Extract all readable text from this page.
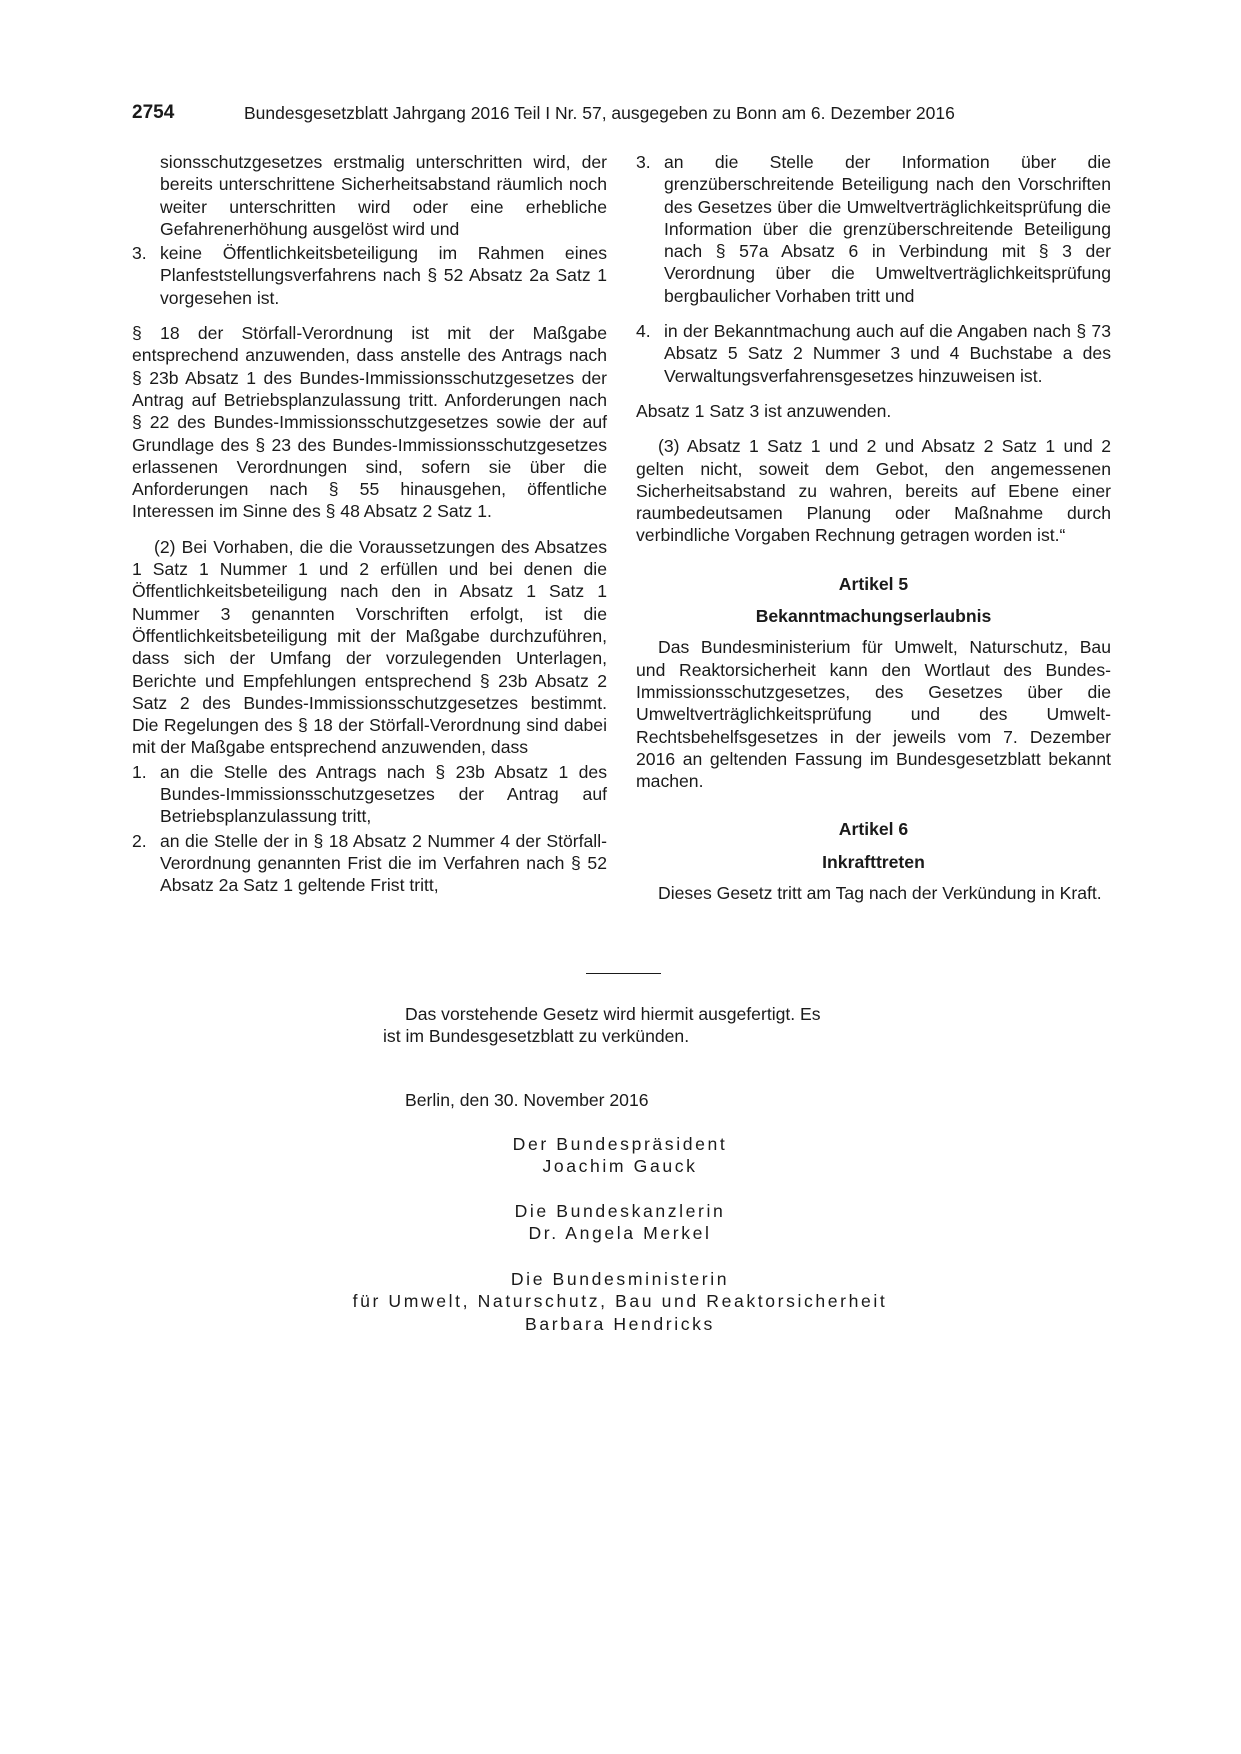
2754	Bundesgesetzblatt Jahrgang 2016 Teil I Nr. 57, ausgegeben zu Bonn am 6. Dezember 2016

sionsschutzgesetzes erstmalig unterschritten wird, der bereits unterschrittene Sicherheitsabstand räumlich noch weiter unterschritten wird oder eine erhebliche Gefahrenerhöhung ausgelöst wird und

3. keine Öffentlichkeitsbeteiligung im Rahmen eines Planfeststellungsverfahrens nach § 52 Absatz 2a Satz 1 vorgesehen ist.

§ 18 der Störfall-Verordnung ist mit der Maßgabe entsprechend anzuwenden, dass anstelle des Antrags nach § 23b Absatz 1 des Bundes-Immissionsschutzgesetzes der Antrag auf Betriebsplanzulassung tritt. Anforderungen nach § 22 des Bundes-Immissionsschutzgesetzes sowie der auf Grundlage des § 23 des Bundes-Immissionsschutzgesetzes erlassenen Verordnungen sind, sofern sie über die Anforderungen nach § 55 hinausgehen, öffentliche Interessen im Sinne des § 48 Absatz 2 Satz 1.

(2) Bei Vorhaben, die die Voraussetzungen des Absatzes 1 Satz 1 Nummer 1 und 2 erfüllen und bei denen die Öffentlichkeitsbeteiligung nach den in Absatz 1 Satz 1 Nummer 3 genannten Vorschriften erfolgt, ist die Öffentlichkeitsbeteiligung mit der Maßgabe durchzuführen, dass sich der Umfang der vorzulegenden Unterlagen, Berichte und Empfehlungen entsprechend § 23b Absatz 2 Satz 2 des Bundes-Immissionsschutzgesetzes bestimmt. Die Regelungen des § 18 der Störfall-Verordnung sind dabei mit der Maßgabe entsprechend anzuwenden, dass

1. an die Stelle des Antrags nach § 23b Absatz 1 des Bundes-Immissionsschutzgesetzes der Antrag auf Betriebsplanzulassung tritt,
2. an die Stelle der in § 18 Absatz 2 Nummer 4 der Störfall-Verordnung genannten Frist die im Verfahren nach § 52 Absatz 2a Satz 1 geltende Frist tritt,
3. an die Stelle der Information über die grenzüberschreitende Beteiligung nach den Vorschriften des Gesetzes über die Umweltverträglichkeitsprüfung die Information über die grenzüberschreitende Beteiligung nach § 57a Absatz 6 in Verbindung mit § 3 der Verordnung über die Umweltverträglichkeitsprüfung bergbaulicher Vorhaben tritt und
4. in der Bekanntmachung auch auf die Angaben nach § 73 Absatz 5 Satz 2 Nummer 3 und 4 Buchstabe a des Verwaltungsverfahrensgesetzes hinzuweisen ist.

Absatz 1 Satz 3 ist anzuwenden.

(3) Absatz 1 Satz 1 und 2 und Absatz 2 Satz 1 und 2 gelten nicht, soweit dem Gebot, den angemessenen Sicherheitsabstand zu wahren, bereits auf Ebene einer raumbedeutsamen Planung oder Maßnahme durch verbindliche Vorgaben Rechnung getragen worden ist.“

Artikel 5
Bekanntmachungserlaubnis

Das Bundesministerium für Umwelt, Naturschutz, Bau und Reaktorsicherheit kann den Wortlaut des Bundes-Immissionsschutzgesetzes, des Gesetzes über die Umweltverträglichkeitsprüfung und des Umwelt-Rechtsbehelfsgesetzes in der jeweils vom 7. Dezember 2016 an geltenden Fassung im Bundesgesetzblatt bekannt machen.

Artikel 6
Inkrafttreten

Dieses Gesetz tritt am Tag nach der Verkündung in Kraft.

Das vorstehende Gesetz wird hiermit ausgefertigt. Es
ist im Bundesgesetzblatt zu verkünden.
Berlin, den 30. November 2016
Der Bundespräsident
Joachim Gauck
Die Bundeskanzlerin
Dr. Angela Merkel
Die Bundesministerin
für Umwelt, Naturschutz, Bau und Reaktorsicherheit
Barbara Hendricks
